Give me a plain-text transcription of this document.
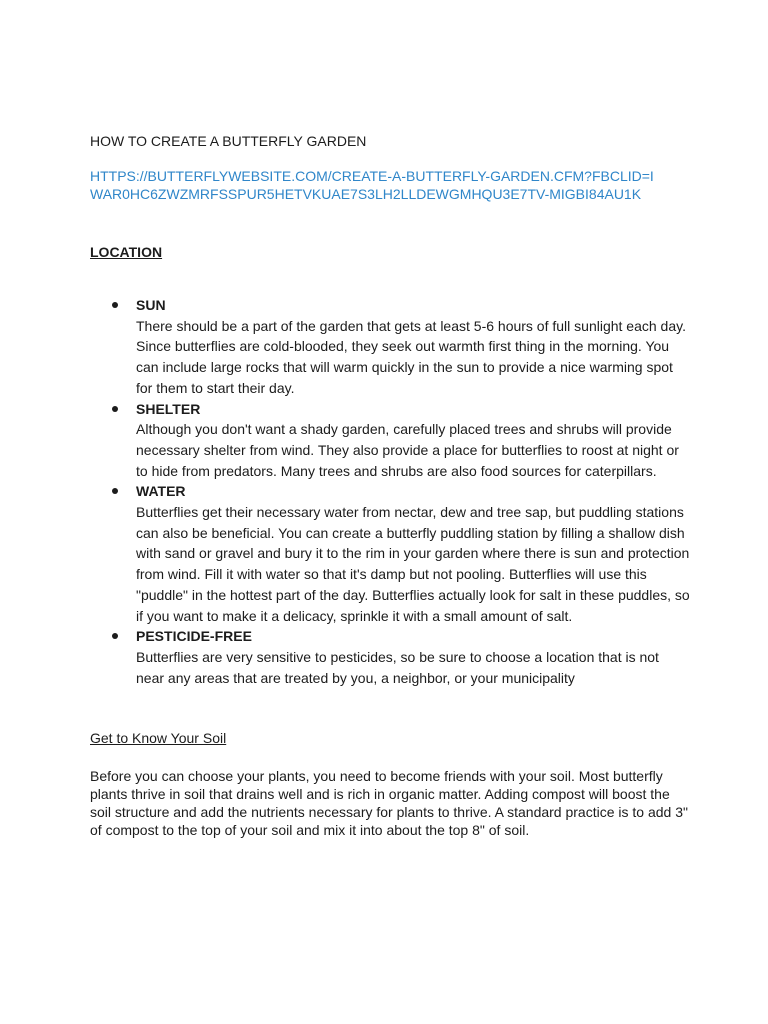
HOW TO CREATE A BUTTERFLY GARDEN
HTTPS://BUTTERFLYWEBSITE.COM/CREATE-A-BUTTERFLY-GARDEN.CFM?FBCLID=IWAR0HC6ZWZMRFSSPUR5HETVKUAE7S3LH2LLDEWGMHQU3E7TV-MIGBI84AU1K
LOCATION
SUN
There should be a part of the garden that gets at least 5-6 hours of full sunlight each day. Since butterflies are cold-blooded, they seek out warmth first thing in the morning. You can include large rocks that will warm quickly in the sun to provide a nice warming spot for them to start their day.
SHELTER
Although you don't want a shady garden, carefully placed trees and shrubs will provide necessary shelter from wind. They also provide a place for butterflies to roost at night or to hide from predators. Many trees and shrubs are also food sources for caterpillars.
WATER
Butterflies get their necessary water from nectar, dew and tree sap, but puddling stations can also be beneficial. You can create a butterfly puddling station by filling a shallow dish with sand or gravel and bury it to the rim in your garden where there is sun and protection from wind. Fill it with water so that it's damp but not pooling. Butterflies will use this "puddle" in the hottest part of the day. Butterflies actually look for salt in these puddles, so if you want to make it a delicacy, sprinkle it with a small amount of salt.
PESTICIDE-FREE
Butterflies are very sensitive to pesticides, so be sure to choose a location that is not near any areas that are treated by you, a neighbor, or your municipality
Get to Know Your Soil

Before you can choose your plants, you need to become friends with your soil. Most butterfly plants thrive in soil that drains well and is rich in organic matter. Adding compost will boost the soil structure and add the nutrients necessary for plants to thrive. A standard practice is to add 3" of compost to the top of your soil and mix it into about the top 8" of soil.
